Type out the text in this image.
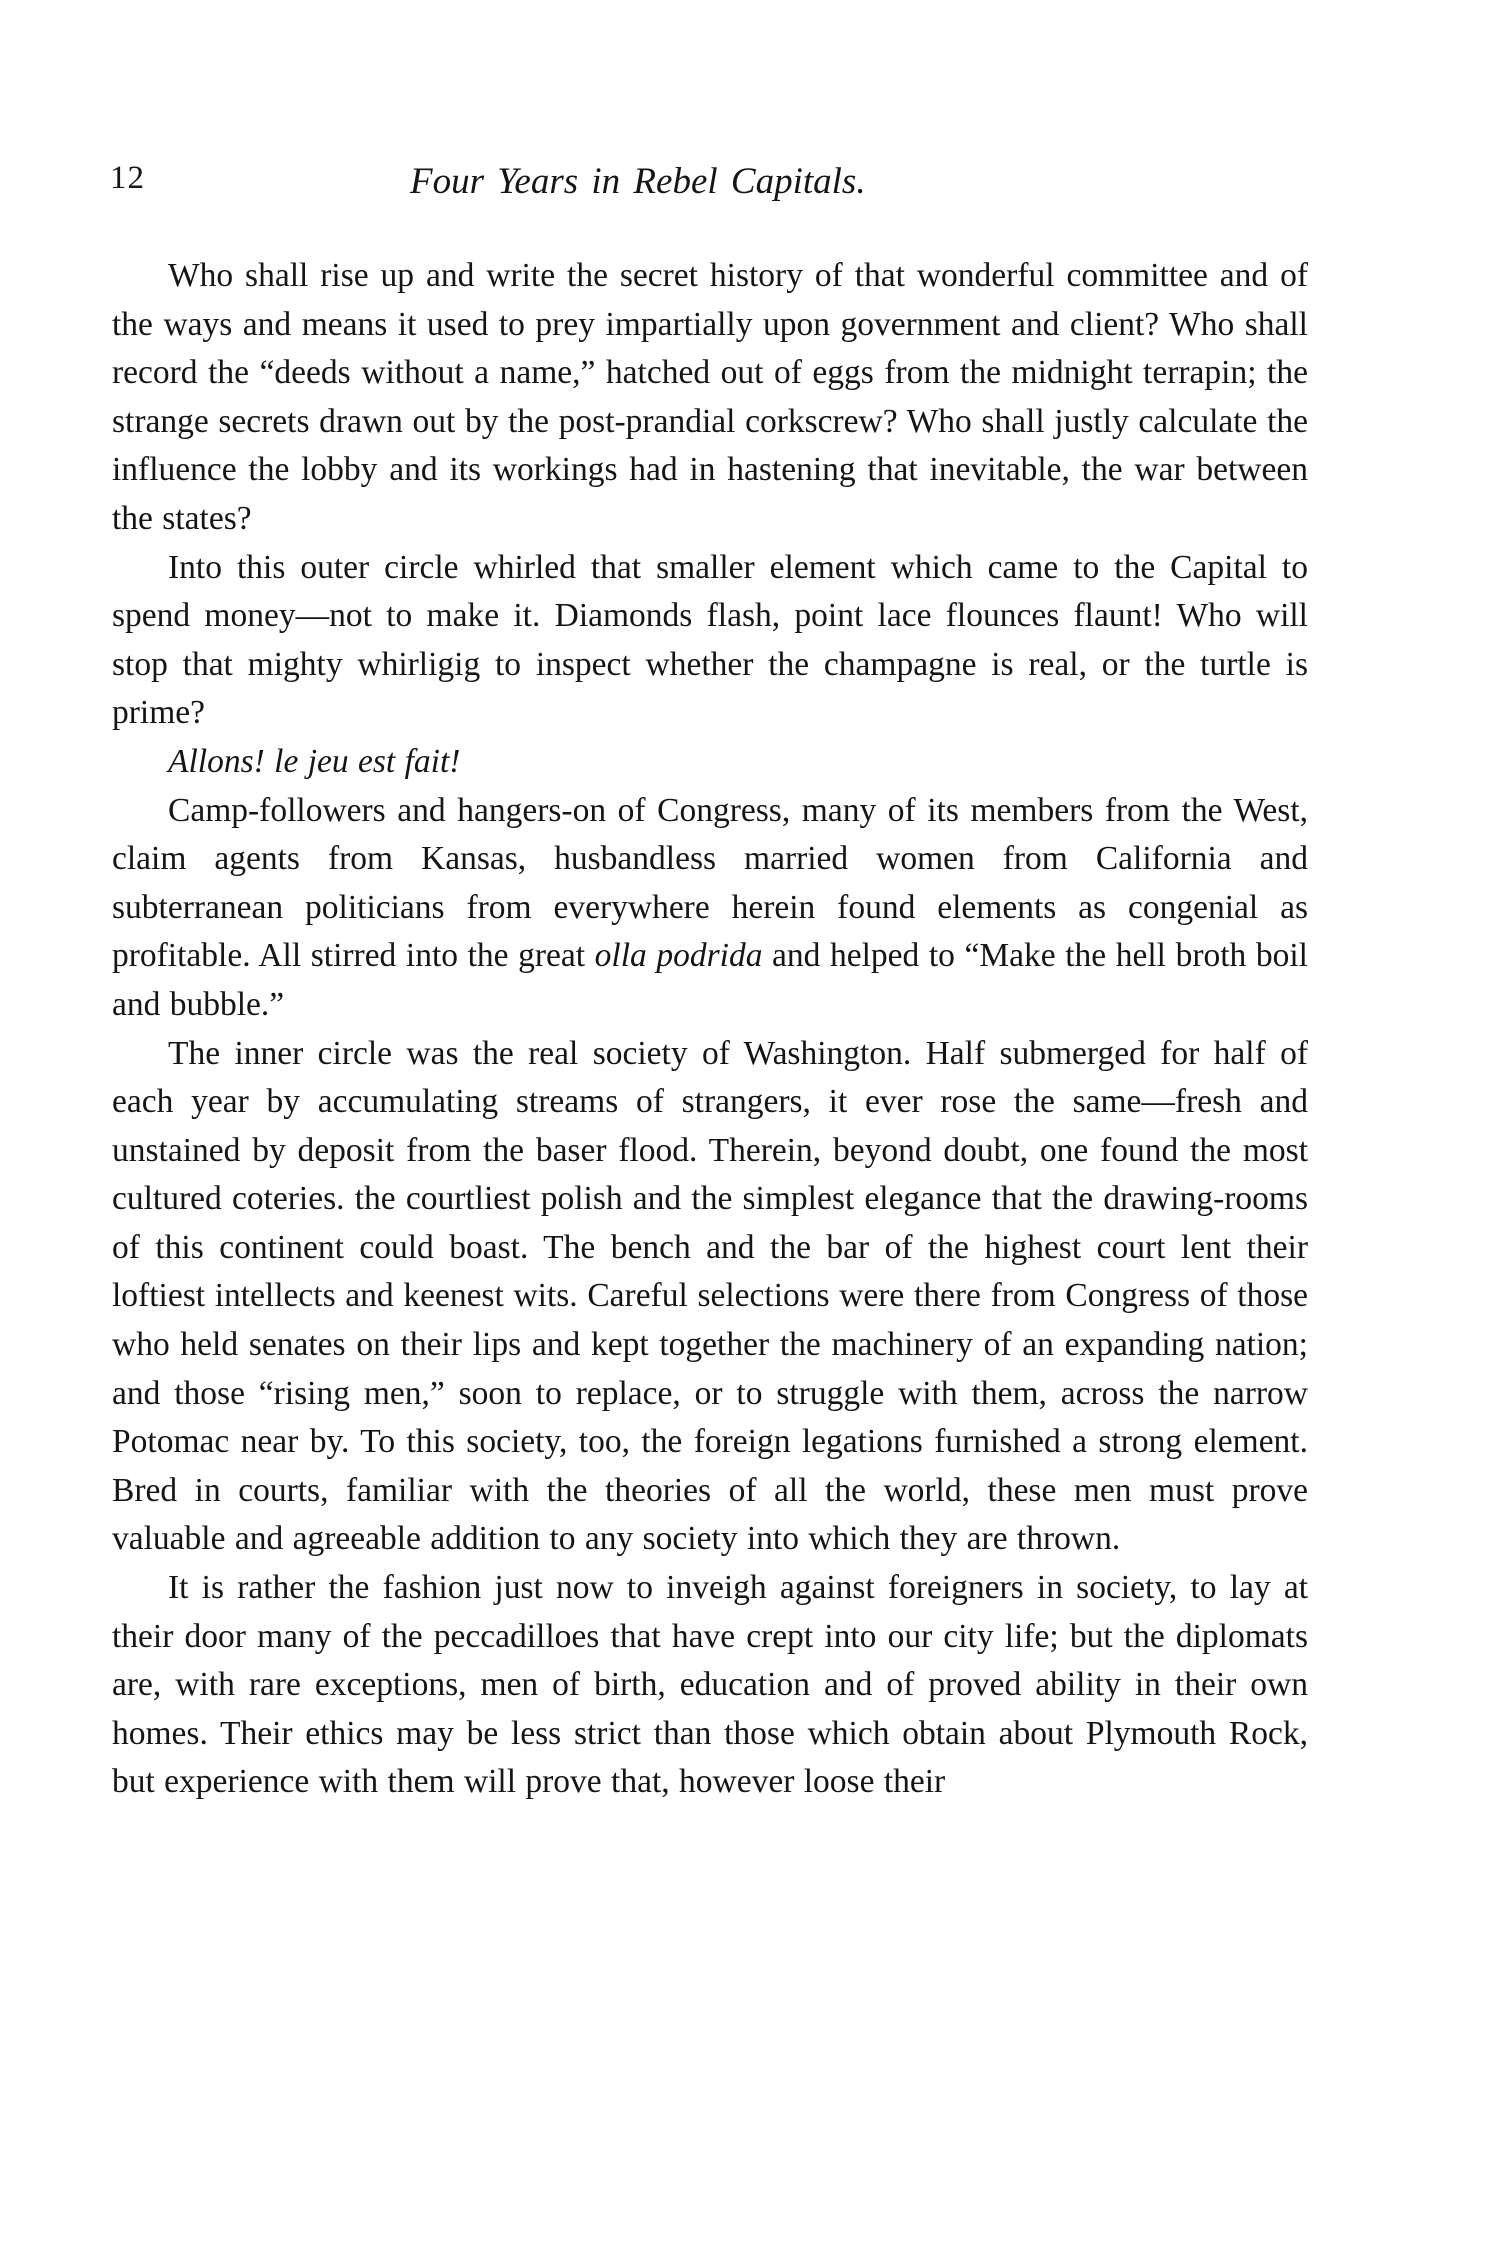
12	Four Years in Rebel Capitals.

Who shall rise up and write the secret history of that wonderful committee and of the ways and means it used to prey impartially upon government and client? Who shall record the “deeds without a name,” hatched out of eggs from the midnight terrapin; the strange secrets drawn out by the post-prandial corkscrew? Who shall justly calculate the influence the lobby and its workings had in hastening that inevitable, the war between the states?

Into this outer circle whirled that smaller element which came to the Capital to spend money—not to make it. Diamonds flash, point lace flounces flaunt! Who will stop that mighty whirligig to inspect whether the champagne is real, or the turtle is prime?

Allons! le jeu est fait!

Camp-followers and hangers-on of Congress, many of its members from the West, claim agents from Kansas, husbandless married women from California and subterranean politicians from everywhere herein found elements as congenial as profitable. All stirred into the great olla podrida and helped to “Make the hell broth boil and bubble.”

The inner circle was the real society of Washington. Half submerged for half of each year by accumulating streams of strangers, it ever rose the same—fresh and unstained by deposit from the baser flood. Therein, beyond doubt, one found the most cultured coteries. the courtliest polish and the simplest elegance that the drawing-rooms of this continent could boast. The bench and the bar of the highest court lent their loftiest intellects and keenest wits. Careful selections were there from Congress of those who held senates on their lips and kept together the machinery of an expanding nation; and those “rising men,” soon to replace, or to struggle with them, across the narrow Potomac near by. To this society, too, the foreign legations furnished a strong element. Bred in courts, familiar with the theories of all the world, these men must prove valuable and agreeable addition to any society into which they are thrown.

It is rather the fashion just now to inveigh against foreigners in society, to lay at their door many of the peccadilloes that have crept into our city life; but the diplomats are, with rare exceptions, men of birth, education and of proved ability in their own homes. Their ethics may be less strict than those which obtain about Plymouth Rock, but experience with them will prove that, however loose their
